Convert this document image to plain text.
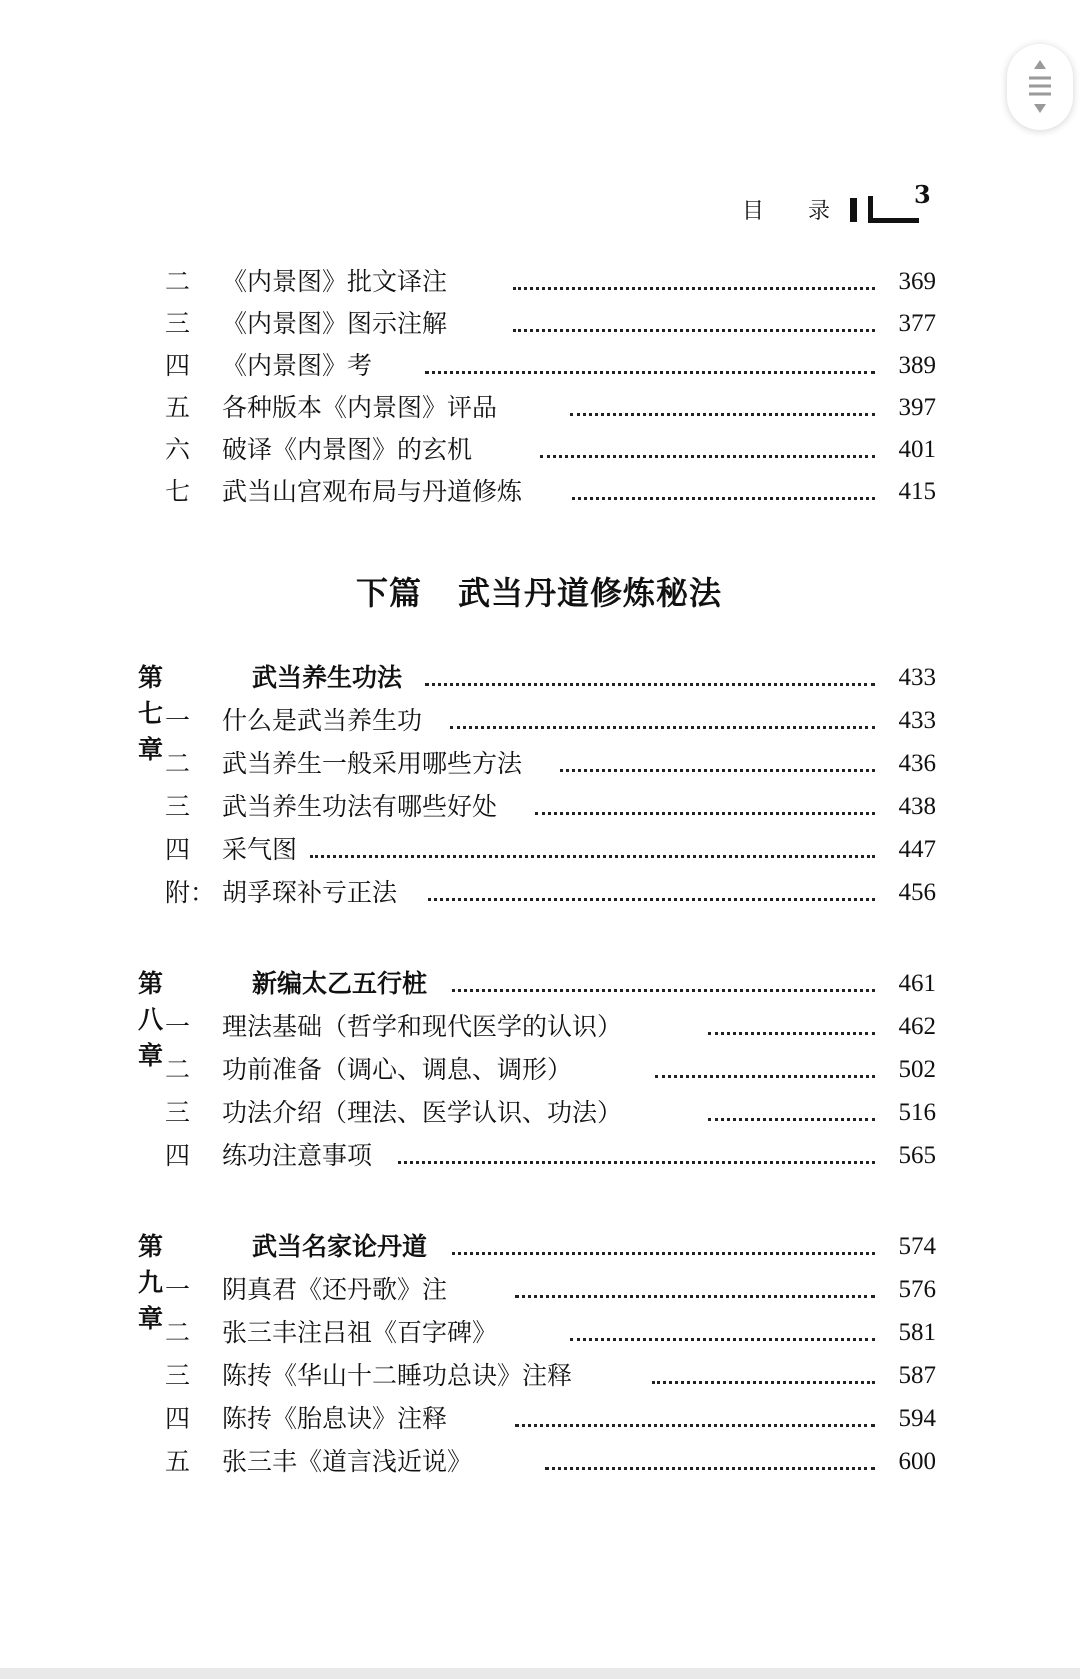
目　　录
3
二 《内景图》批文译注	369
三 《内景图》图示注解	377
四 《内景图》考	389
五 各种版本《内景图》评品	397
六 破译《内景图》的玄机	401
七 武当山宫观布局与丹道修炼	415
下篇 武当丹道修炼秘法
第七章
武当养生功法	433
一 什么是武当养生功	433
二 武当养生一般采用哪些方法	436
三 武当养生功法有哪些好处	438
四 采气图	447
附： 胡孚琛补亏正法	456
第八章
新编太乙五行桩	461
一 理法基础（哲学和现代医学的认识）	462
二 功前准备（调心、调息、调形）	502
三 功法介绍（理法、医学认识、功法）	516
四 练功注意事项	565
第九章
武当名家论丹道	574
一 阴真君《还丹歌》注	576
二 张三丰注吕祖《百字碑》	581
三 陈抟《华山十二睡功总诀》注释	587
四 陈抟《胎息诀》注释	594
五 张三丰《道言浅近说》	600
